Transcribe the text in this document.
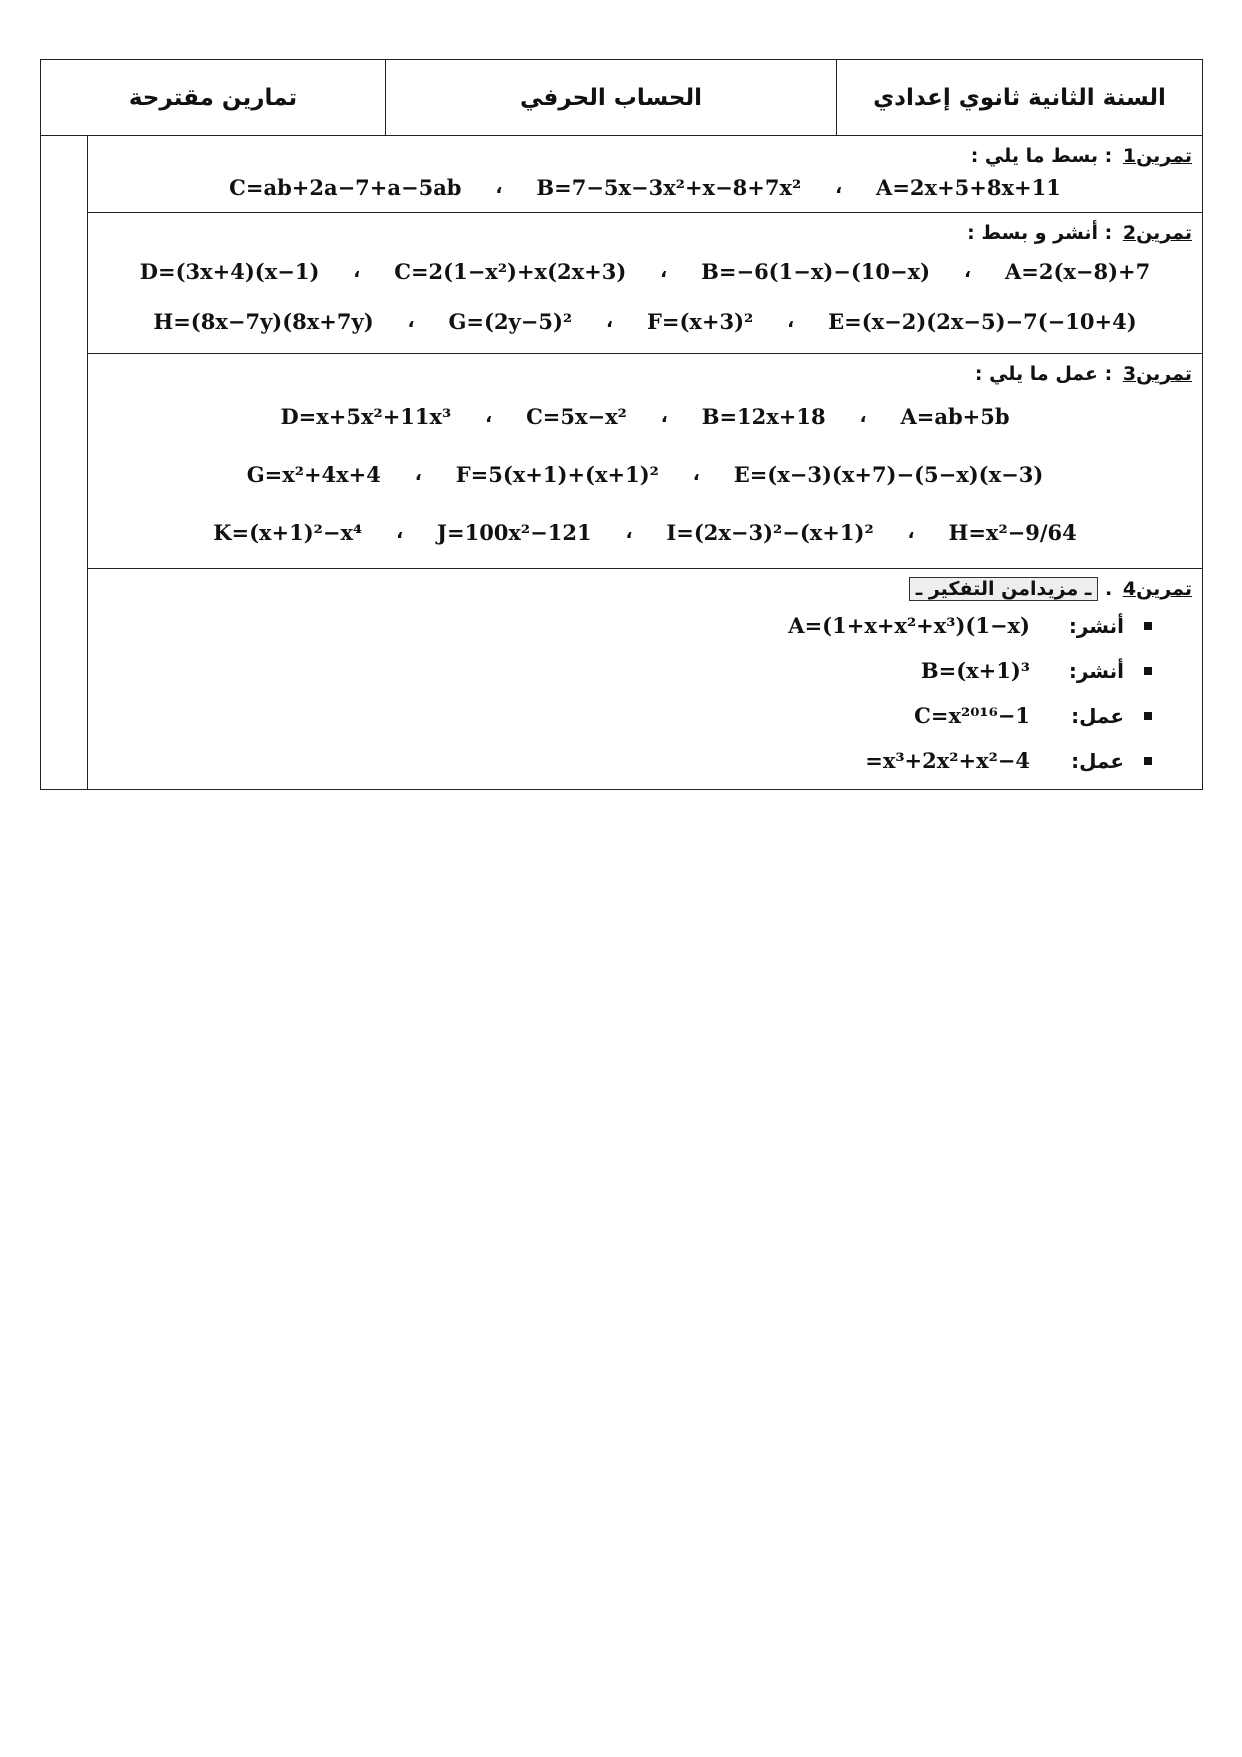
السنة الثانية ثانوي إعدادي
الحساب الحرفي
تمارين مقترحة
تمرين1 : بسط ما يلي :
A=2x+5+8x+11
،
B=7−5x−3x²+x−8+7x²
،
C=ab+2a−7+a−5ab
تمرين2 : أنشر و بسط :
A=2(x−8)+7
،
B=−6(1−x)−(10−x)
،
C=2(1−x²)+x(2x+3)
،
D=(3x+4)(x−1)
E=(x−2)(2x−5)−7(−10+4)
،
F=(x+3)²
،
G=(2y−5)²
،
H=(8x−7y)(8x+7y)
تمرين3 : عمل ما يلي :
A=ab+5b
،
B=12x+18
،
C=5x−x²
،
D=x+5x²+11x³
E=(x−3)(x+7)−(5−x)(x−3)
،
F=5(x+1)+(x+1)²
،
G=x²+4x+4
H=x²−9/64
،
I=(2x−3)²−(x+1)²
،
J=100x²−121
،
K=(x+1)²−x⁴
تمرين4 . ـ مزيدامن التفكير ـ
أنشر:
A=(1+x+x²+x³)(1−x)
أنشر:
B=(x+1)³
عمل:
C=x²⁰¹⁶−1
عمل:
=x³+2x²+x²−4
